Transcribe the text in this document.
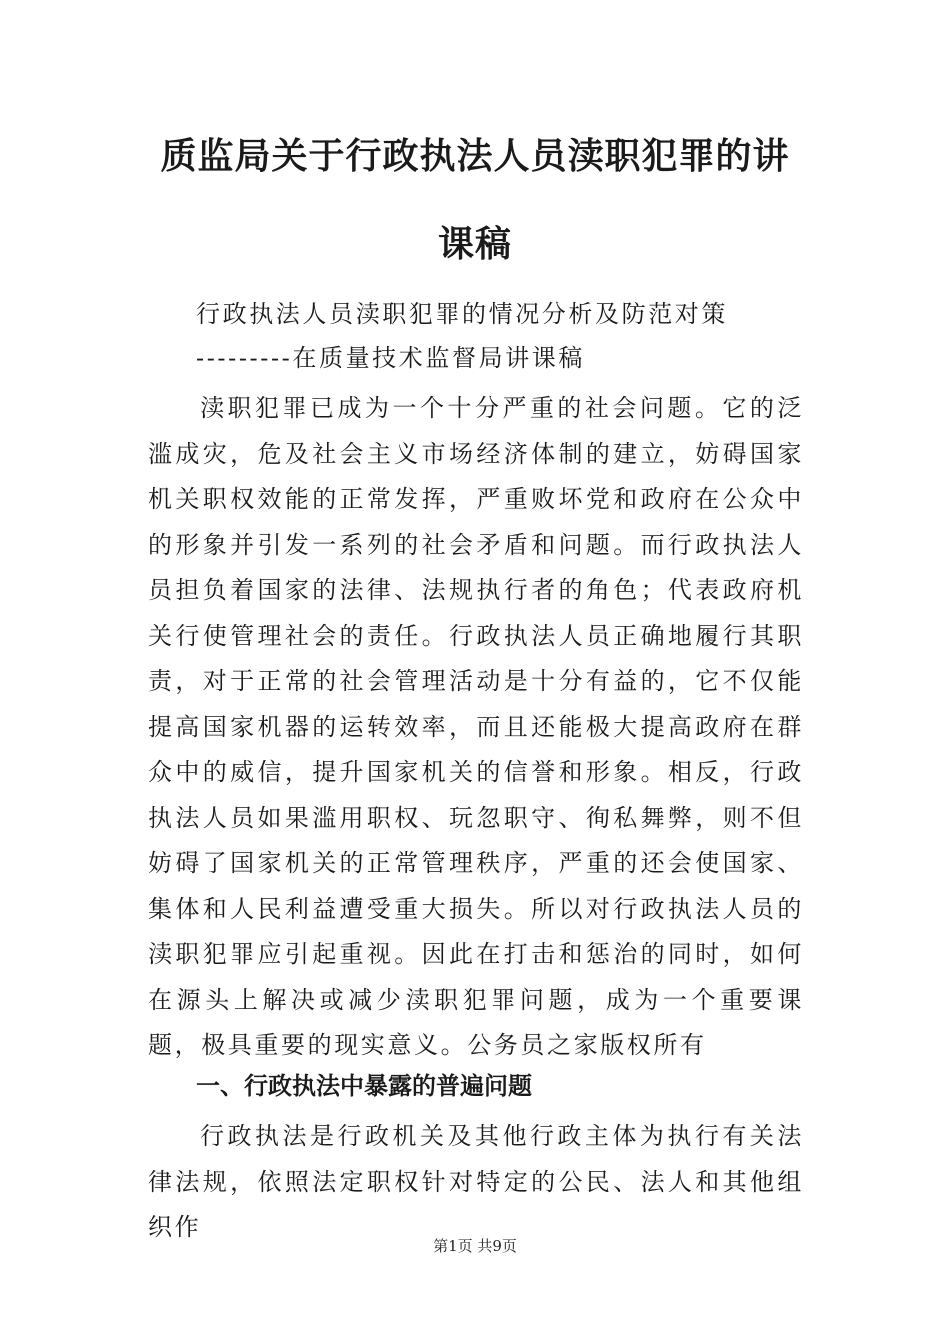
质监局关于行政执法人员渎职犯罪的讲
课稿

行政执法人员渎职犯罪的情况分析及防范对策

---------在质量技术监督局讲课稿

渎职犯罪已成为一个十分严重的社会问题。它的泛滥成灾，危及社会主义市场经济体制的建立，妨碍国家机关职权效能的正常发挥，严重败坏党和政府在公众中的形象并引发一系列的社会矛盾和问题。而行政执法人员担负着国家的法律、法规执行者的角色；代表政府机关行使管理社会的责任。行政执法人员正确地履行其职责，对于正常的社会管理活动是十分有益的，它不仅能提高国家机器的运转效率，而且还能极大提高政府在群众中的威信，提升国家机关的信誉和形象。相反，行政执法人员如果滥用职权、玩忽职守、徇私舞弊，则不但妨碍了国家机关的正常管理秩序，严重的还会使国家、集体和人民利益遭受重大损失。所以对行政执法人员的渎职犯罪应引起重视。因此在打击和惩治的同时，如何在源头上解决或减少渎职犯罪问题，成为一个重要课题，极具重要的现实意义。公务员之家版权所有

一、行政执法中暴露的普遍问题

行政执法是行政机关及其他行政主体为执行有关法律法规，依照法定职权针对特定的公民、法人和其他组织作

第1页 共9页
